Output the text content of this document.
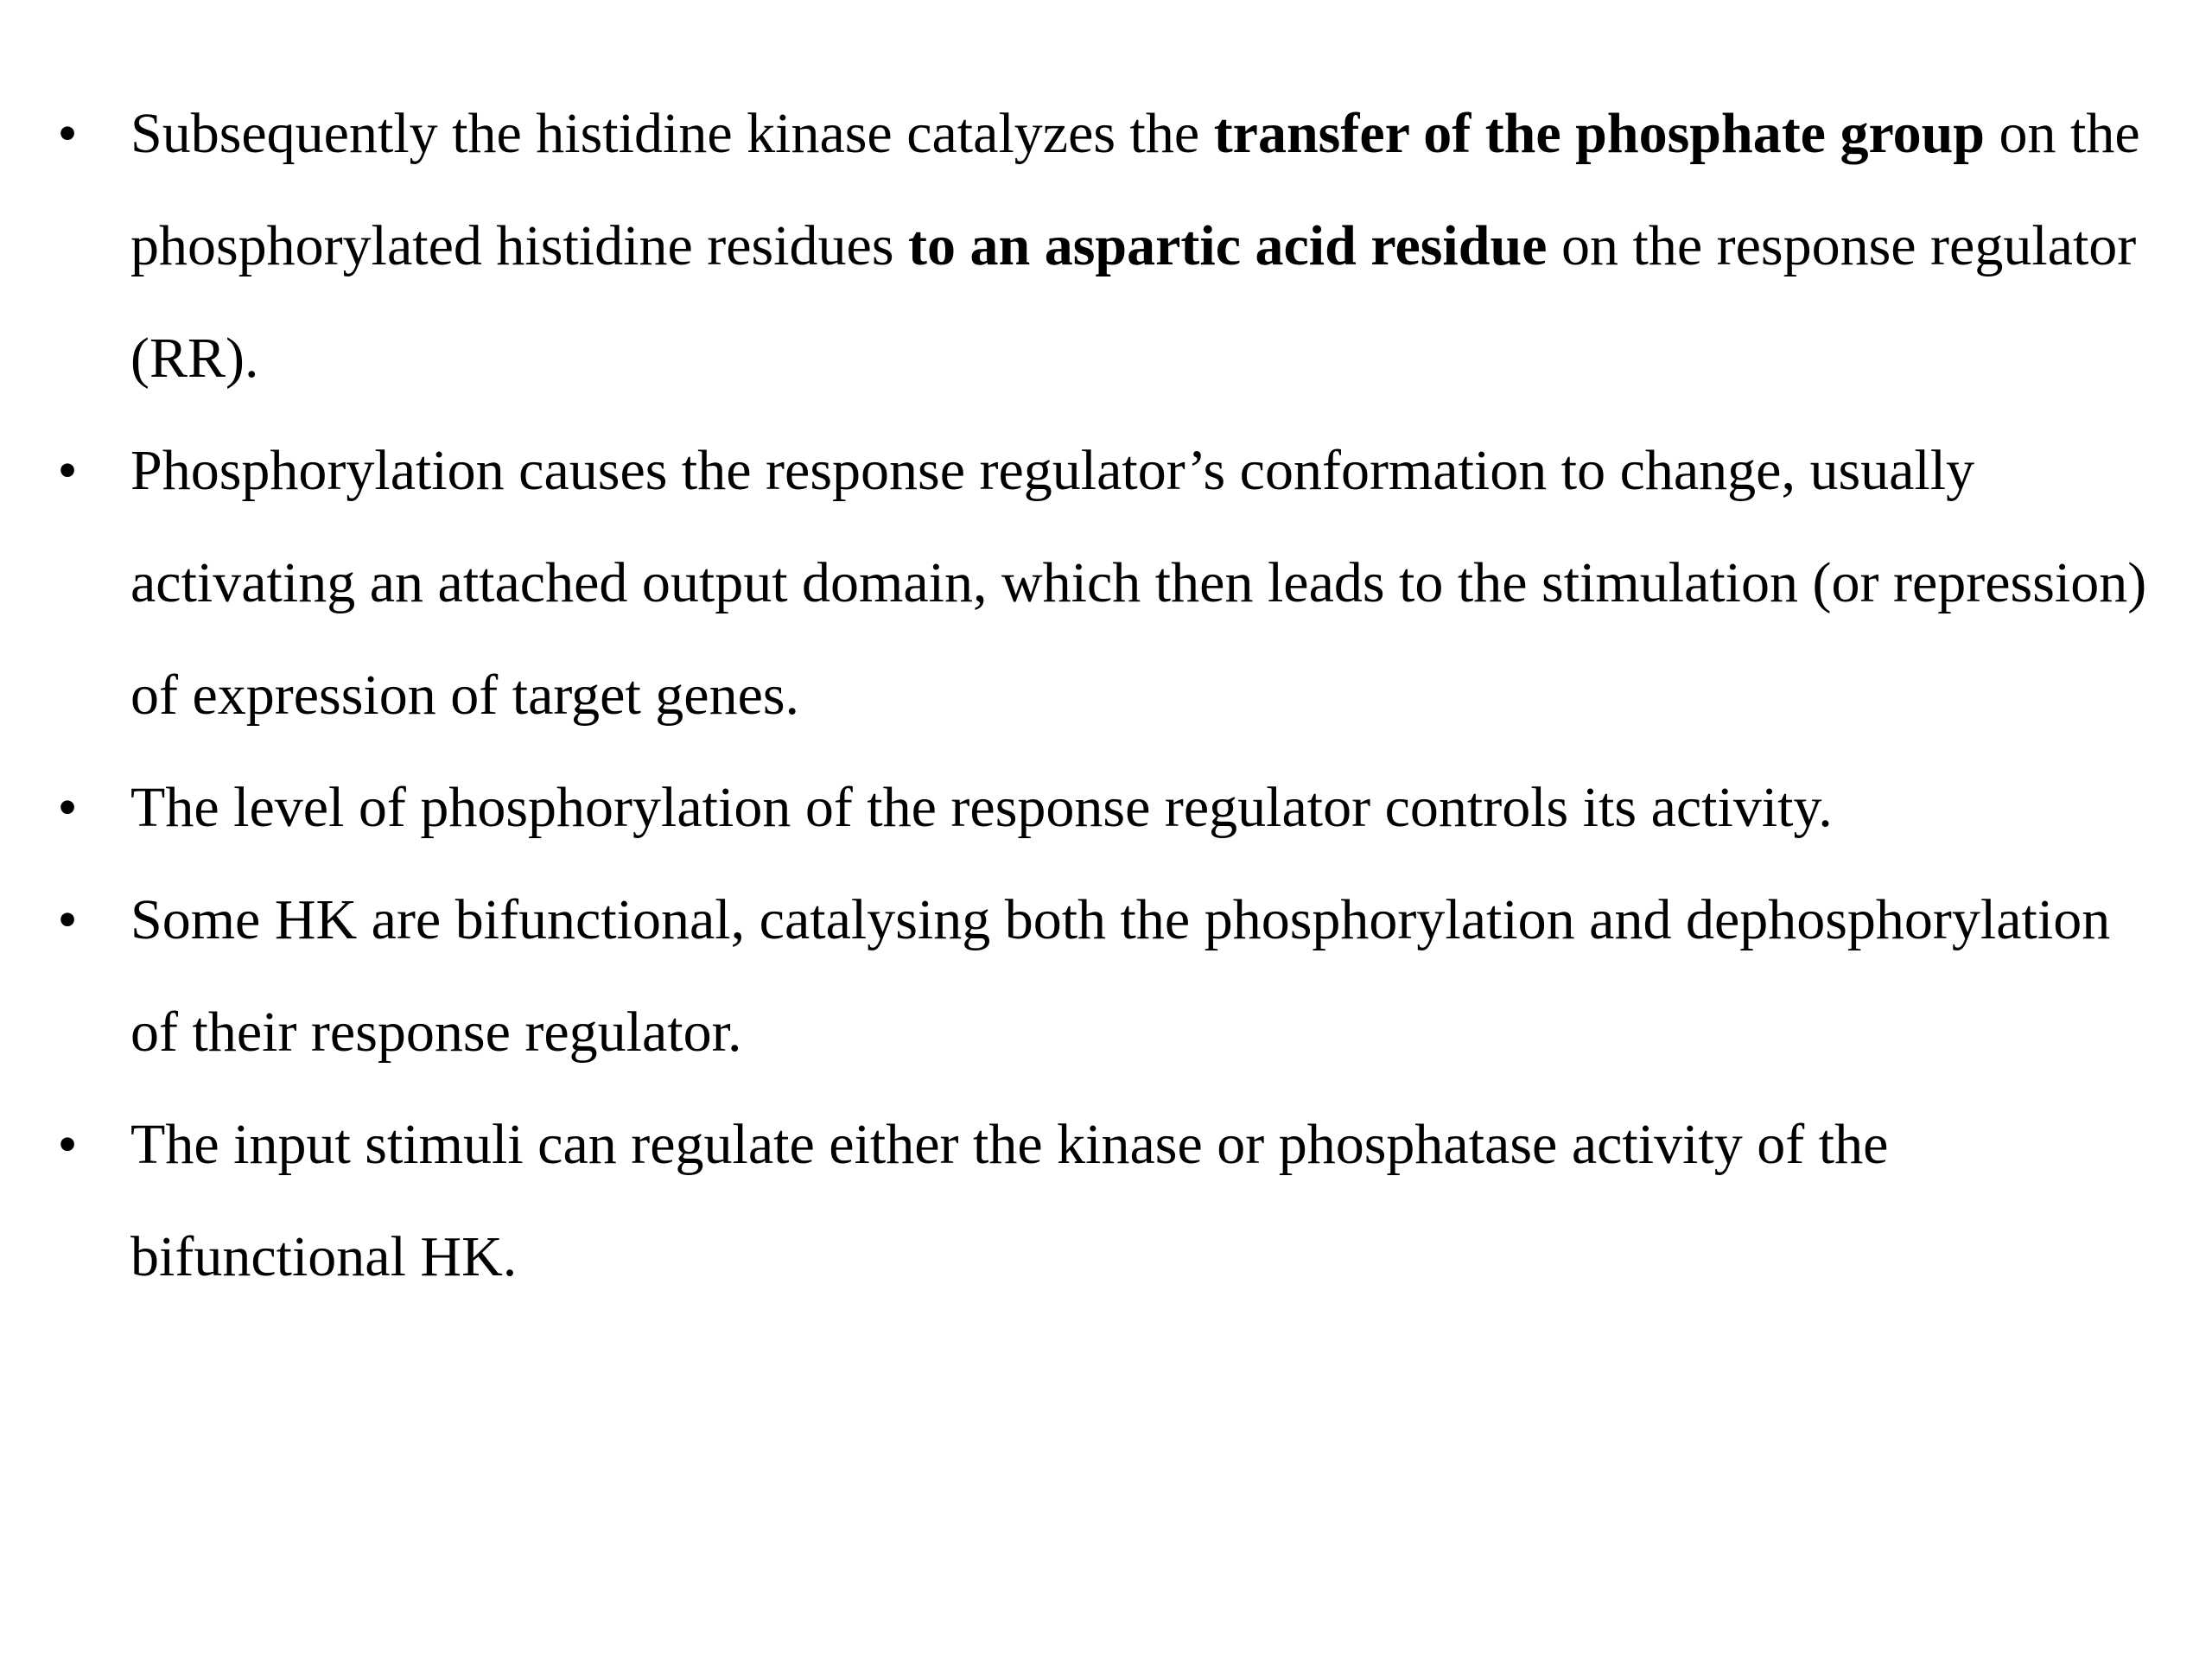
• Subsequently the histidine kinase catalyzes the transfer of the phosphate group on the phosphorylated histidine residues to an aspartic acid residue on the response regulator (RR).
• Phosphorylation causes the response regulator’s conformation to change, usually activating an attached output domain, which then leads to the stimulation (or repression) of expression of target genes.
• The level of phosphorylation of the response regulator controls its activity.
• Some HK are bifunctional, catalysing both the phosphorylation and dephosphorylation of their response regulator.
• The input stimuli can regulate either the kinase or phosphatase activity of the bifunctional HK.
